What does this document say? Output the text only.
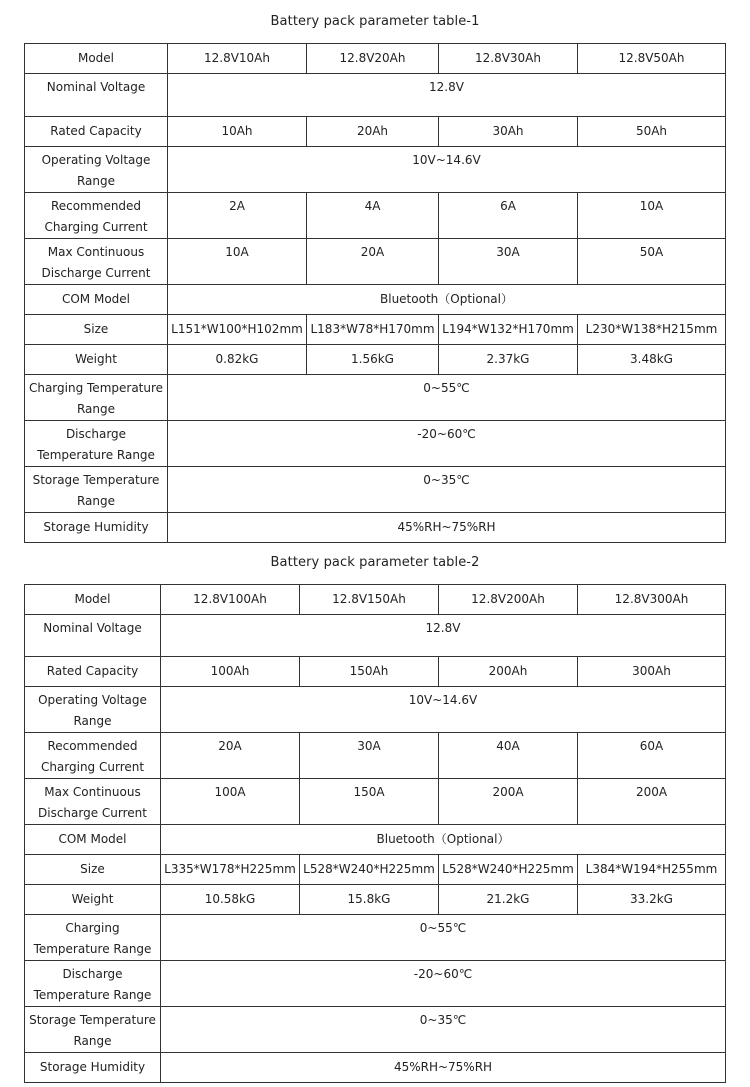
Battery pack parameter table-1
Model	12.8V10Ah	12.8V20Ah	12.8V30Ah	12.8V50Ah
Nominal Voltage	12.8V			
Rated Capacity	10Ah	20Ah	30Ah	50Ah
Operating Voltage
Range	10V~14.6V			
Recommended
Charging Current	2A	4A	6A	10A
Max Continuous
Discharge Current	10A	20A	30A	50A
COM Model	Bluetooth（Optional）			
Size	L151*W100*H102mm	L183*W78*H170mm	L194*W132*H170mm	L230*W138*H215mm
Weight	0.82kG	1.56kG	2.37kG	3.48kG
Charging Temperature
Range	0~55℃			
Discharge
Temperature Range	-20~60℃			
Storage Temperature
Range	0~35℃			
Storage Humidity	45%RH~75%RH			
Battery pack parameter table-2
Model	12.8V100Ah	12.8V150Ah	12.8V200Ah	12.8V300Ah
Nominal Voltage	12.8V			
Rated Capacity	100Ah	150Ah	200Ah	300Ah
Operating Voltage
Range	10V~14.6V			
Recommended
Charging Current	20A	30A	40A	60A
Max Continuous
Discharge Current	100A	150A	200A	200A
COM Model	Bluetooth（Optional）			
Size	L335*W178*H225mm	L528*W240*H225mm	L528*W240*H225mm	L384*W194*H255mm
Weight	10.58kG	15.8kG	21.2kG	33.2kG
Charging
Temperature Range	0~55℃			
Discharge
Temperature Range	-20~60℃			
Storage Temperature
Range	0~35℃			
Storage Humidity	45%RH~75%RH			
